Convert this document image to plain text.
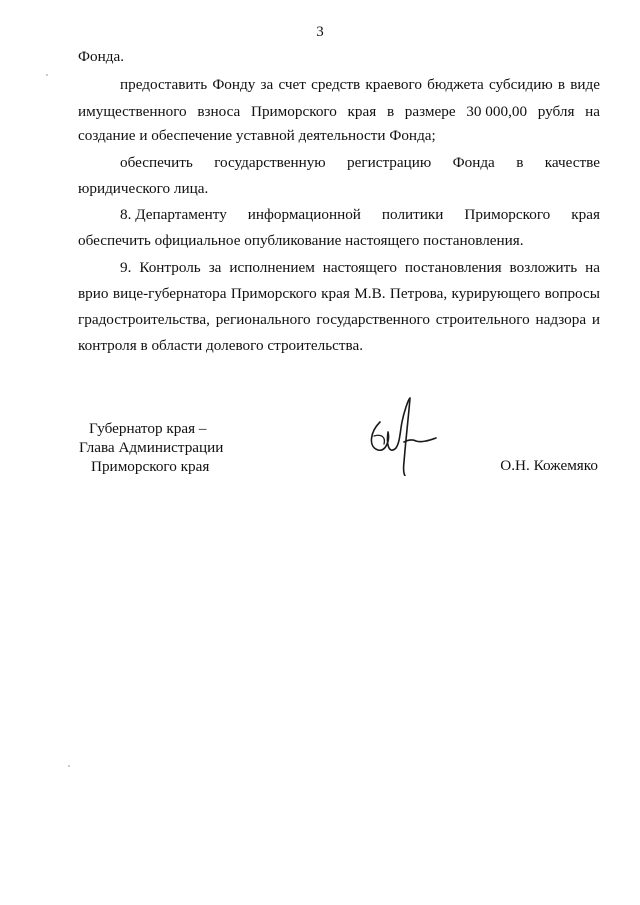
3
Фонда.
предоставить Фонду за счет средств краевого бюджета субсидию в виде
имущественного взноса Приморского края в размере 30 000,00 рубля на
создание и обеспечение уставной деятельности Фонда;
обеспечить государственную регистрацию Фонда в качестве
юридического лица.
8. Департаменту информационной политики Приморского края
обеспечить официальное опубликование настоящего постановления.
9. Контроль за исполнением настоящего постановления возложить на
врио вице-губернатора Приморского края М.В. Петрова, курирующего вопросы
градостроительства, регионального государственного строительного надзора и
контроля в области долевого строительства.
Губернатор края –
Глава Администрации
Приморского края	О.Н. Кожемяко
